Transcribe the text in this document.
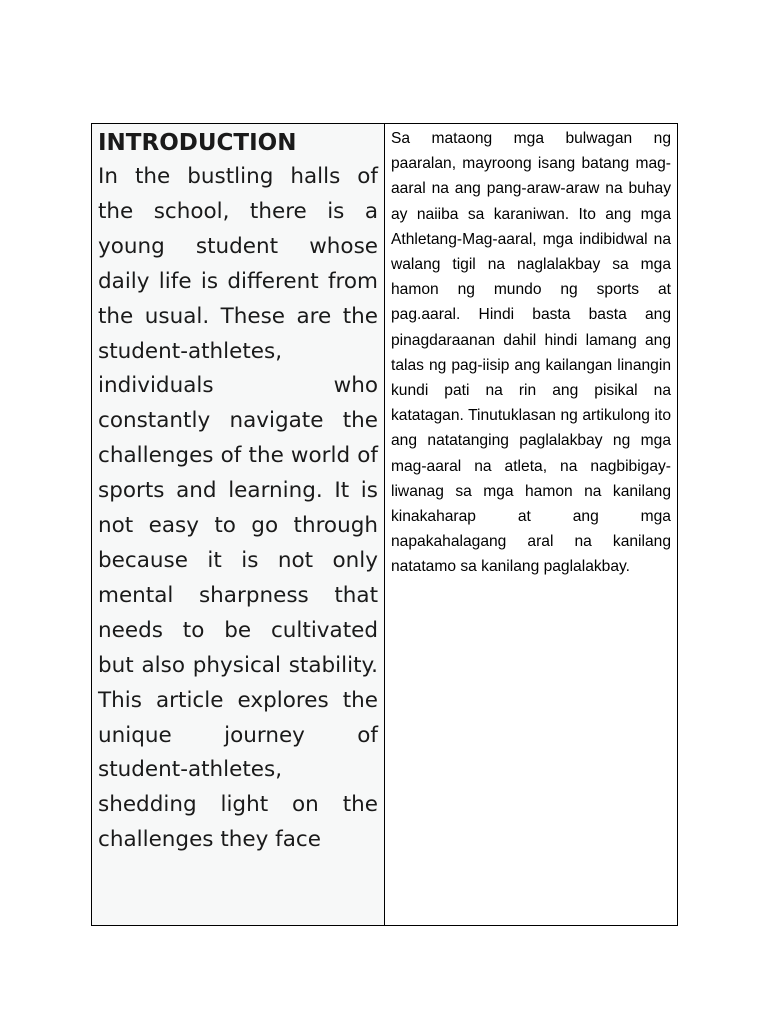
INTRODUCTION

In the bustling halls of the school, there is a young student whose daily life is different from the usual. These are the student-athletes, individuals who constantly navigate the challenges of the world of sports and learning. It is not easy to go through because it is not only mental sharpness that needs to be cultivated but also physical stability. This article explores the unique journey of student-athletes, shedding light on the challenges they face

Sa mataong mga bulwagan ng paaralan, mayroong isang batang mag-aaral na ang pang-araw-araw na buhay ay naiiba sa karaniwan. Ito ang mga Athletang-Mag-aaral, mga indibidwal na walang tigil na naglalakbay sa mga hamon ng mundo ng sports at pag.aaral. Hindi basta basta ang pinagdaraanan dahil hindi lamang ang talas ng pag-iisip ang kailangan linangin kundi pati na rin ang pisikal na katatagan. Tinutuklasan ng artikulong ito ang natatanging paglalakbay ng mga mag-aaral na atleta, na nagbibigay-liwanag sa mga hamon na kanilang kinakaharap at ang mga napakahalagang aral na kanilang natatamo sa kanilang paglalakbay.
